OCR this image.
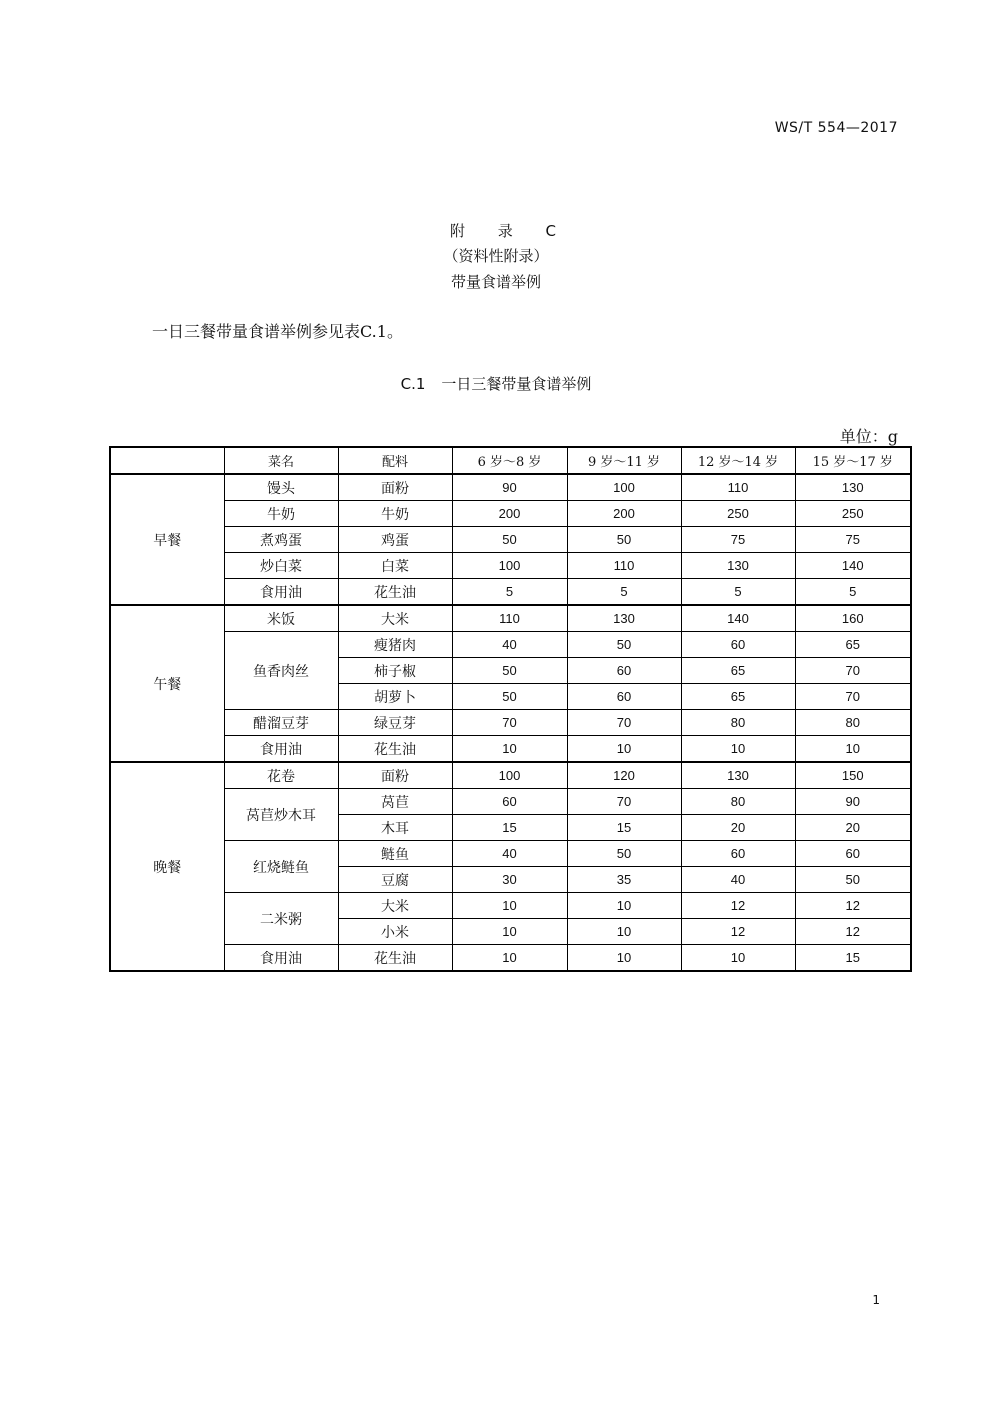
WS/T 554—2017
附 录 C
（资料性附录）
带量食谱举例
一日三餐带量食谱举例参见表C.1。
C.1 一日三餐带量食谱举例
单位：g
	菜名	配料	6 岁～8 岁	9 岁～11 岁	12 岁～14 岁	15 岁～17 岁
早餐	馒头	面粉	90	100	110	130
	牛奶	牛奶	200	200	250	250
	煮鸡蛋	鸡蛋	50	50	75	75
	炒白菜	白菜	100	110	130	140
	食用油	花生油	5	5	5	5
午餐	米饭	大米	110	130	140	160
	鱼香肉丝	瘦猪肉	40	50	60	65
		柿子椒	50	60	65	70
		胡萝卜	50	60	65	70
	醋溜豆芽	绿豆芽	70	70	80	80
	食用油	花生油	10	10	10	10
晚餐	花卷	面粉	100	120	130	150
	莴苣炒木耳	莴苣	60	70	80	90
		木耳	15	15	20	20
	红烧鲢鱼	鲢鱼	40	50	60	60
		豆腐	30	35	40	50
	二米粥	大米	10	10	12	12
		小米	10	10	12	12
	食用油	花生油	10	10	10	15
1
